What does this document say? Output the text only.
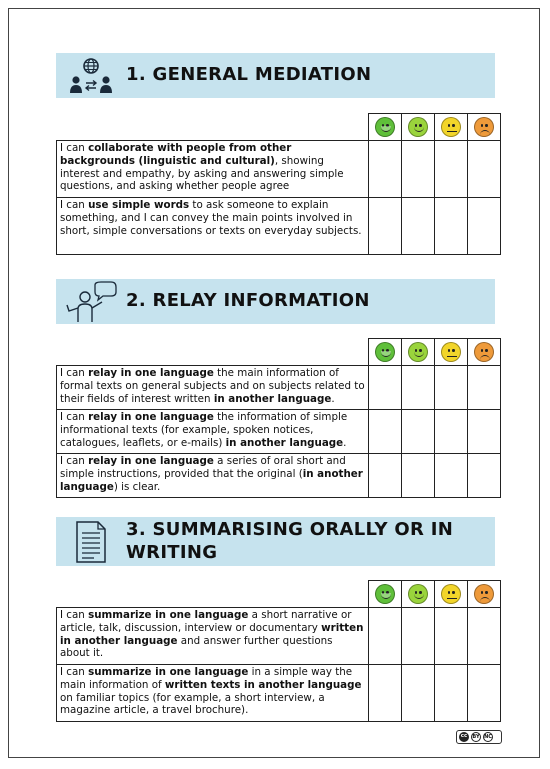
1. GENERAL MEDIATION

I can collaborate with people from other backgrounds (linguistic and cultural), showing interest and empathy, by asking and answering simple questions, and asking whether people agree				
I can use simple words to ask someone to explain something, and I can convey the main points involved in short, simple conversations or texts on everyday subjects.				
2. RELAY INFORMATION

I can relay in one language the main information of formal texts on general subjects and on subjects related to their fields of interest written in another language.				
I can relay in one language the information of simple informational texts (for example, spoken notices, catalogues, leaflets, or e-mails) in another language.				
I can relay in one language a series of oral short and simple instructions, provided that the original (in another language) is clear.				
3. SUMMARISING ORALLY OR IN WRITING

I can summarize in one language a short narrative or article, talk, discussion, interview or documentary written in another language and answer further questions about it.				
I can summarize in one language in a simple way the main information of written texts in another language on familiar topics (for example, a short interview, a magazine article, a travel brochure).				
cc	BY NC
